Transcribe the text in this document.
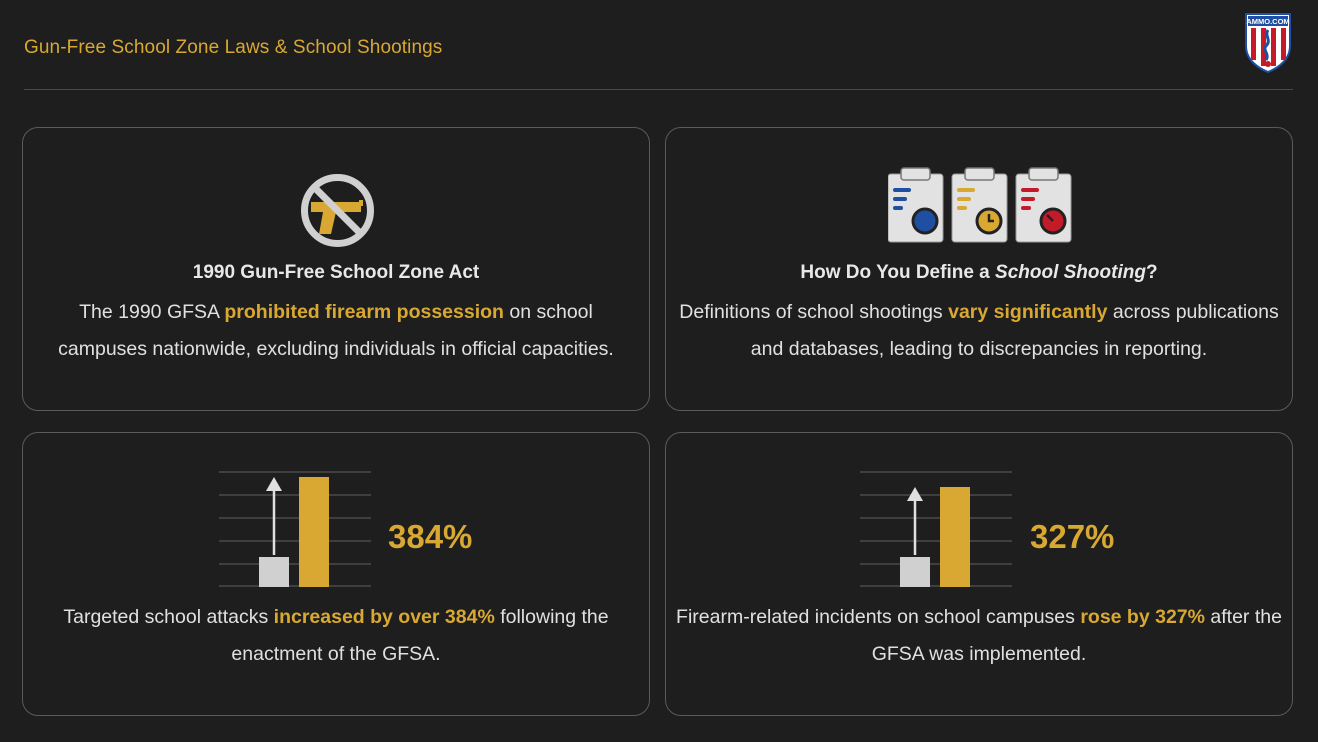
Gun-Free School Zone Laws & School Shootings
AMMO.COM
1990 Gun-Free School Zone Act
The 1990 GFSA prohibited firearm possession on school campuses nationwide, excluding individuals in official capacities.
How Do You Define a School Shooting?
Definitions of school shootings vary significantly across publications and databases, leading to discrepancies in reporting.
384%
Targeted school attacks increased by over 384% following the enactment of the GFSA.
327%
Firearm-related incidents on school campuses rose by 327% after the GFSA was implemented.
